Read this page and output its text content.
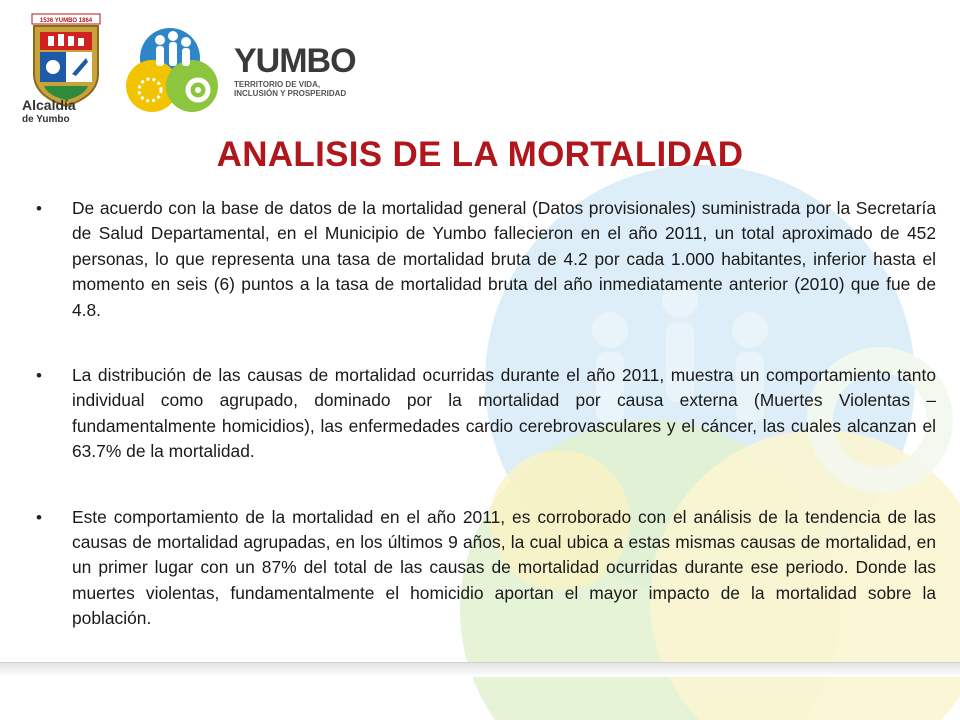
1536 YUMBO 1864
Alcaldía
de Yumbo
YUMBO
TERRITORIO DE VIDA,
INCLUSIÓN Y PROSPERIDAD
ANALISIS DE LA MORTALIDAD
•	De acuerdo con la base de datos de la mortalidad general (Datos provisionales) suministrada por la Secretaría de Salud Departamental, en el Municipio de Yumbo fallecieron en el año 2011, un total aproximado de 452 personas, lo que representa una tasa de mortalidad bruta de 4.2 por cada 1.000 habitantes, inferior hasta el momento en seis (6) puntos a la tasa de mortalidad bruta del año inmediatamente anterior (2010) que fue de 4.8.
•	La distribución de las causas de mortalidad ocurridas durante el año 2011, muestra un comportamiento tanto individual como agrupado, dominado por la mortalidad por causa externa (Muertes Violentas – fundamentalmente homicidios), las enfermedades cardio cerebrovasculares y el cáncer, las cuales alcanzan el 63.7% de la mortalidad.
•	Este comportamiento de la mortalidad en el año 2011, es corroborado con el análisis de la tendencia de las causas de mortalidad agrupadas, en los últimos 9 años, la cual ubica a estas mismas causas de mortalidad, en un primer lugar con un 87% del total de las causas de mortalidad ocurridas durante ese periodo. Donde las muertes violentas, fundamentalmente el homicidio aportan el mayor impacto de la mortalidad sobre la población.
